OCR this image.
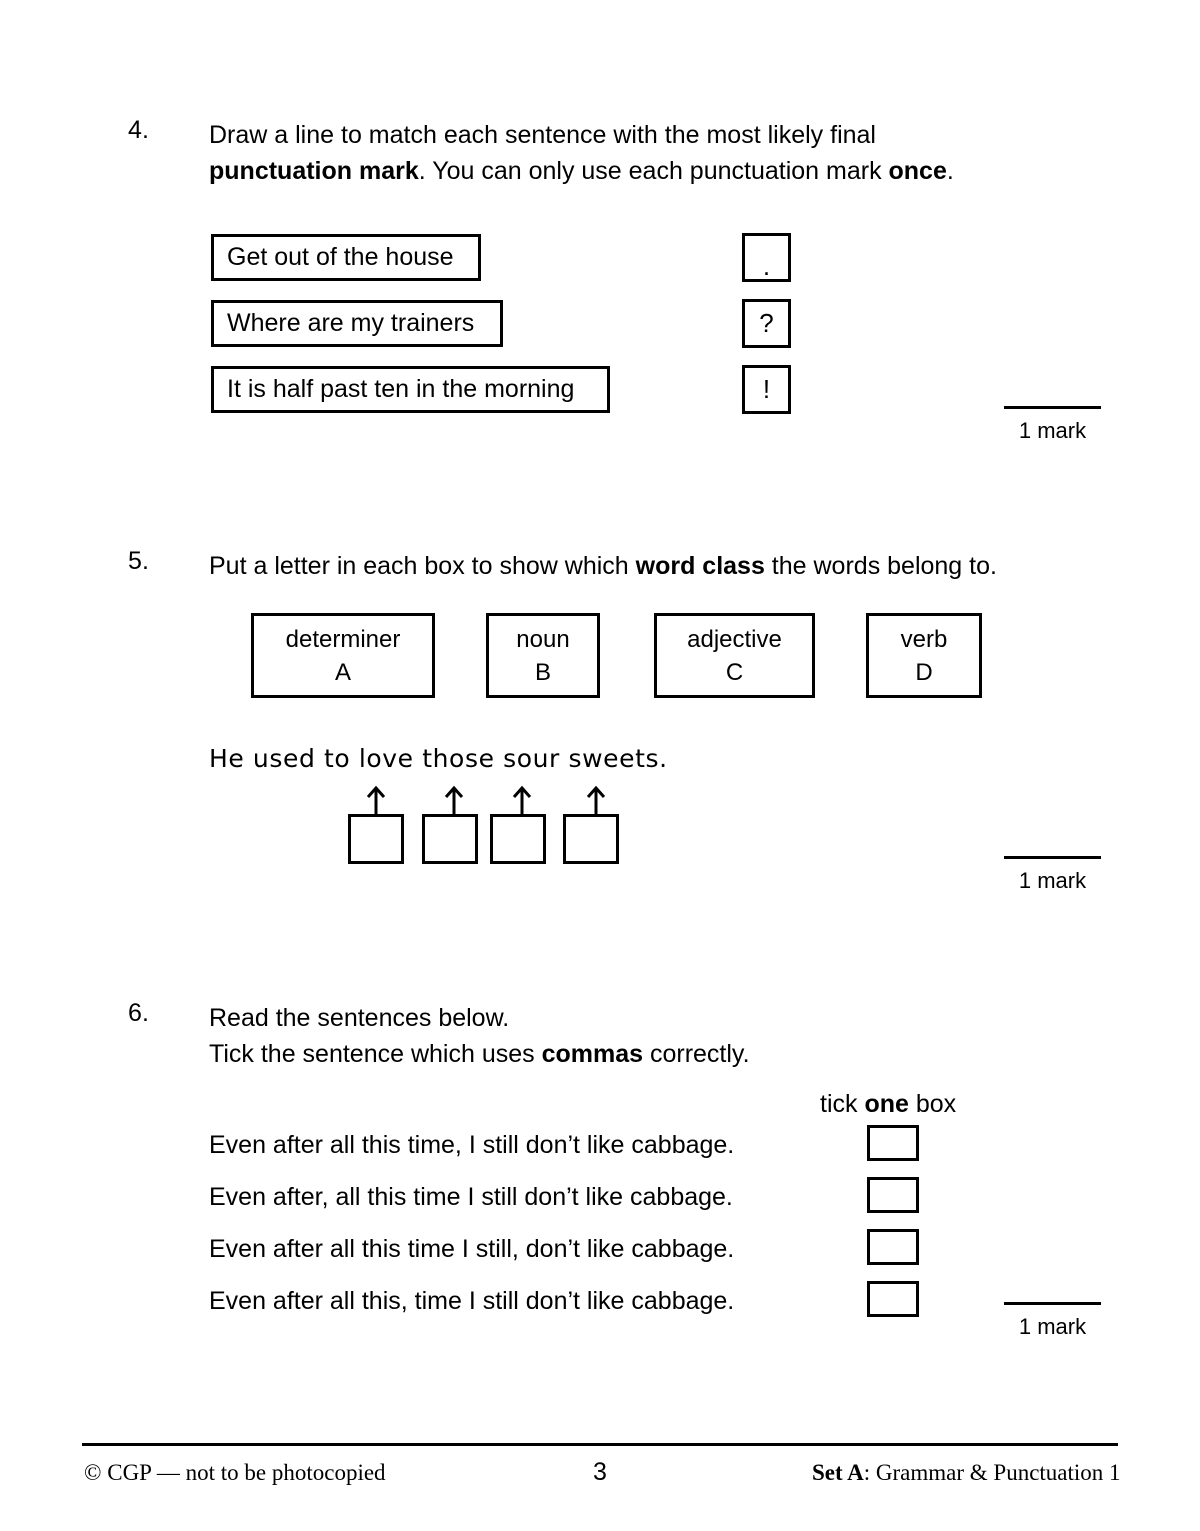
4. Draw a line to match each sentence with the most likely final
punctuation mark. You can only use each punctuation mark once.
Get out of the house
Where are my trainers
It is half past ten in the morning
.
?
!
1 mark
5. Put a letter in each box to show which word class the words belong to.
determiner
A
noun
B
adjective
C
verb
D
He used to love those sour sweets.
1 mark
6. Read the sentences below.
Tick the sentence which uses commas correctly.
tick one box
Even after all this time, I still don’t like cabbage.
Even after, all this time I still don’t like cabbage.
Even after all this time I still, don’t like cabbage.
Even after all this, time I still don’t like cabbage.
1 mark
© CGP — not to be photocopied	3	Set A: Grammar & Punctuation 1
